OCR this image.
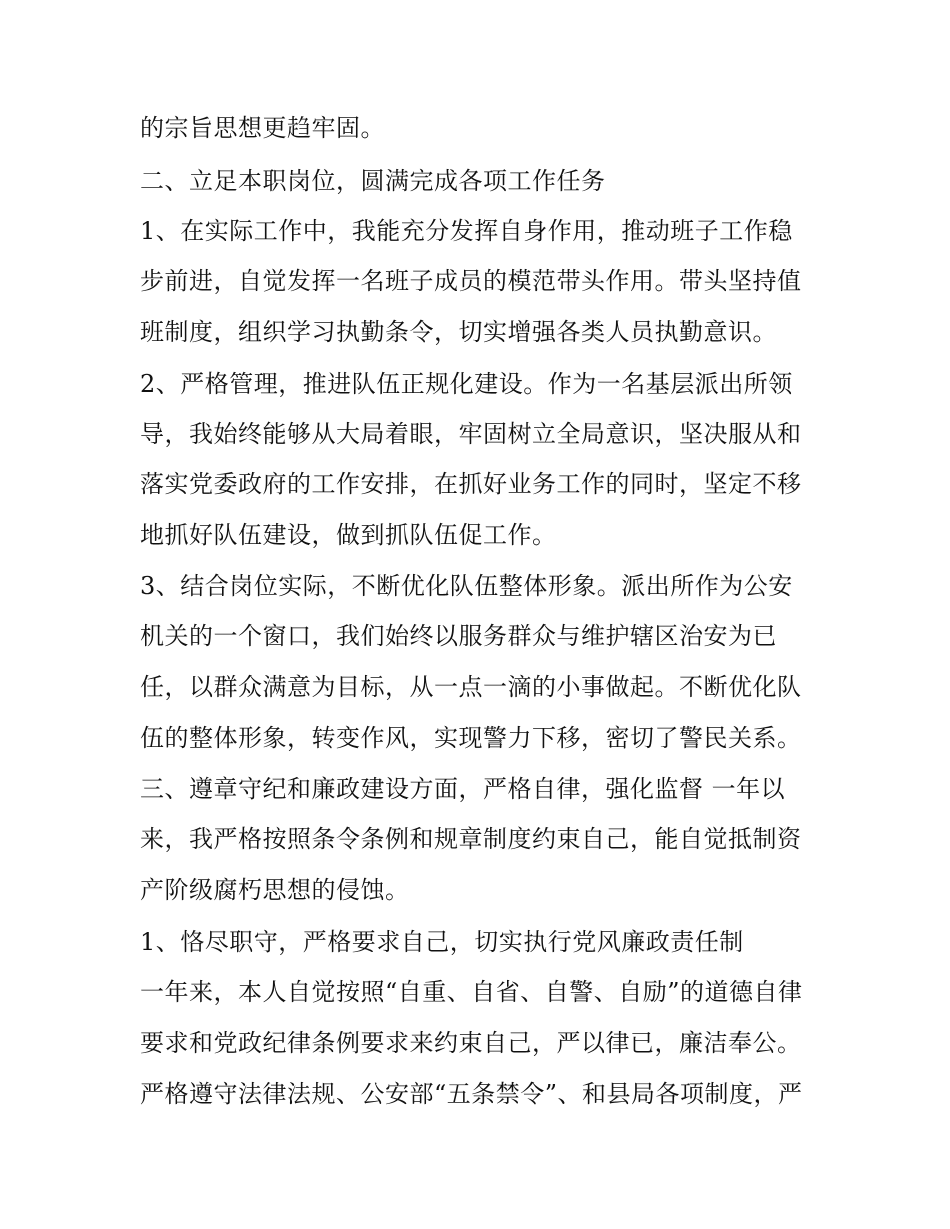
的宗旨思想更趋牢固。
二、立足本职岗位，圆满完成各项工作任务
1、在实际工作中，我能充分发挥自身作用，推动班子工作稳
步前进，自觉发挥一名班子成员的模范带头作用。带头坚持值
班制度，组织学习执勤条令，切实增强各类人员执勤意识。
2、严格管理，推进队伍正规化建设。作为一名基层派出所领
导，我始终能够从大局着眼，牢固树立全局意识，坚决服从和
落实党委政府的工作安排，在抓好业务工作的同时，坚定不移
地抓好队伍建设，做到抓队伍促工作。
3、结合岗位实际，不断优化队伍整体形象。派出所作为公安
机关的一个窗口，我们始终以服务群众与维护辖区治安为已
任，以群众满意为目标，从一点一滴的小事做起。不断优化队
伍的整体形象，转变作风，实现警力下移，密切了警民关系。
三、遵章守纪和廉政建设方面，严格自律，强化监督 一年以
来，我严格按照条令条例和规章制度约束自己，能自觉抵制资
产阶级腐朽思想的侵蚀。
1、恪尽职守，严格要求自己，切实执行党风廉政责任制
一年来，本人自觉按照“自重、自省、自警、自励”的道德自律
要求和党政纪律条例要求来约束自己，严以律已，廉洁奉公。
严格遵守法律法规、公安部“五条禁令”、和县局各项制度，严
